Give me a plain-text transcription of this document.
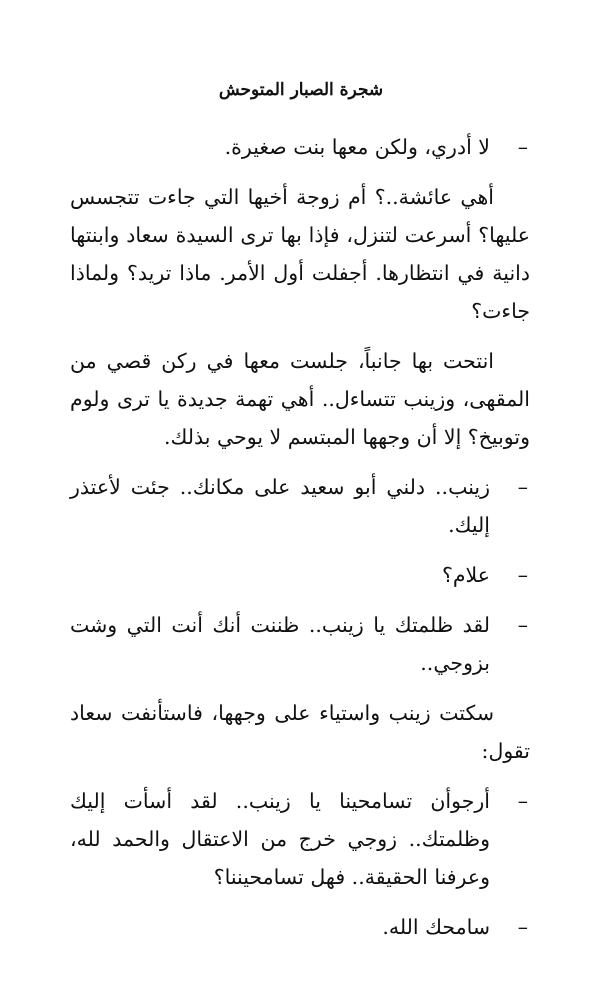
شجرة الصبار المتوحش

–
لا أدري، ولكن معها بنت صغيرة.

أهي عائشة..؟ أم زوجة أخيها التي جاءت تتجسس عليها؟ أسرعت لتنزل، فإذا بها ترى السيدة سعاد وابنتها دانية في انتظارها. أجفلت أول الأمر. ماذا تريد؟ ولماذا جاءت؟

انتحت بها جانباً، جلست معها في ركن قصي من المقهى، وزينب تتساءل.. أهي تهمة جديدة يا ترى ولوم وتوبيخ؟ إلا أن وجهها المبتسم لا يوحي بذلك.

–
زينب.. دلني أبو سعيد على مكانك.. جئت لأعتذر إليك.

–
علام؟

–
لقد ظلمتك يا زينب.. ظننت أنك أنت التي وشت بزوجي..

سكتت زينب واستياء على وجهها، فاستأنفت سعاد تقول:

–
أرجوأن تسامحينا يا زينب.. لقد أسأت إليك وظلمتك.. زوجي خرج من الاعتقال والحمد لله، وعرفنا الحقيقة.. فهل تسامحيننا؟

–
سامحك الله.
